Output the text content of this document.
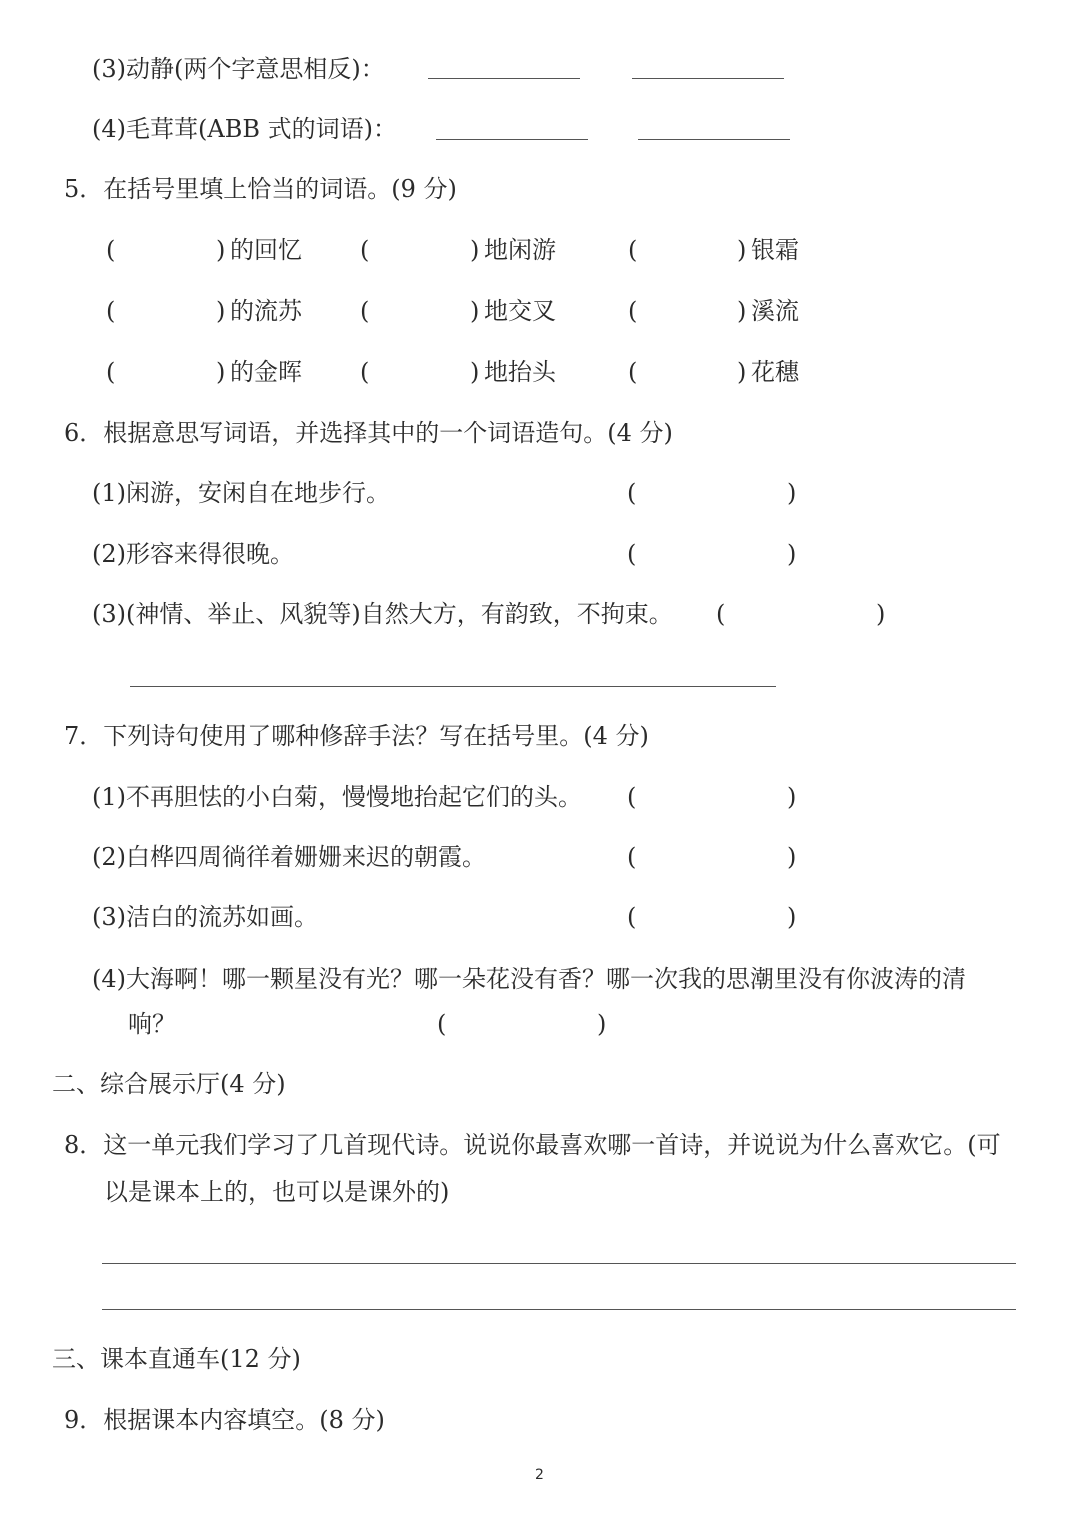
(3)动静(两个字意思相反)：
(4)毛茸茸(ABB 式的词语)：
5．在括号里填上恰当的词语。(9 分)
(	) 的回忆 (	) 地闲游	(	) 银霜
(	) 的流苏 (	) 地交叉	(	) 溪流
(	) 的金晖 (	) 地抬头	(	) 花穗
6．根据意思写词语，并选择其中的一个词语造句。(4 分)
(1)闲游，安闲自在地步行。	(	)
(2)形容来得很晚。	(	)
(3)(神情、举止、风貌等)自然大方，有韵致，不拘束。 (	)
7．下列诗句使用了哪种修辞手法？写在括号里。(4 分)
(1)不再胆怯的小白菊，慢慢地抬起它们的头。 (	)
(2)白桦四周徜徉着姗姗来迟的朝霞。	(	)
(3)洁白的流苏如画。	(	)
(4)大海啊！哪一颗星没有光？哪一朵花没有香？哪一次我的思潮里没有你波涛的清
响？	(	)
二、综合展示厅(4 分)
8．这一单元我们学习了几首现代诗。说说你最喜欢哪一首诗，并说说为什么喜欢它。(可
以是课本上的，也可以是课外的)
三、课本直通车(12 分)
9．根据课本内容填空。(8 分)
2
